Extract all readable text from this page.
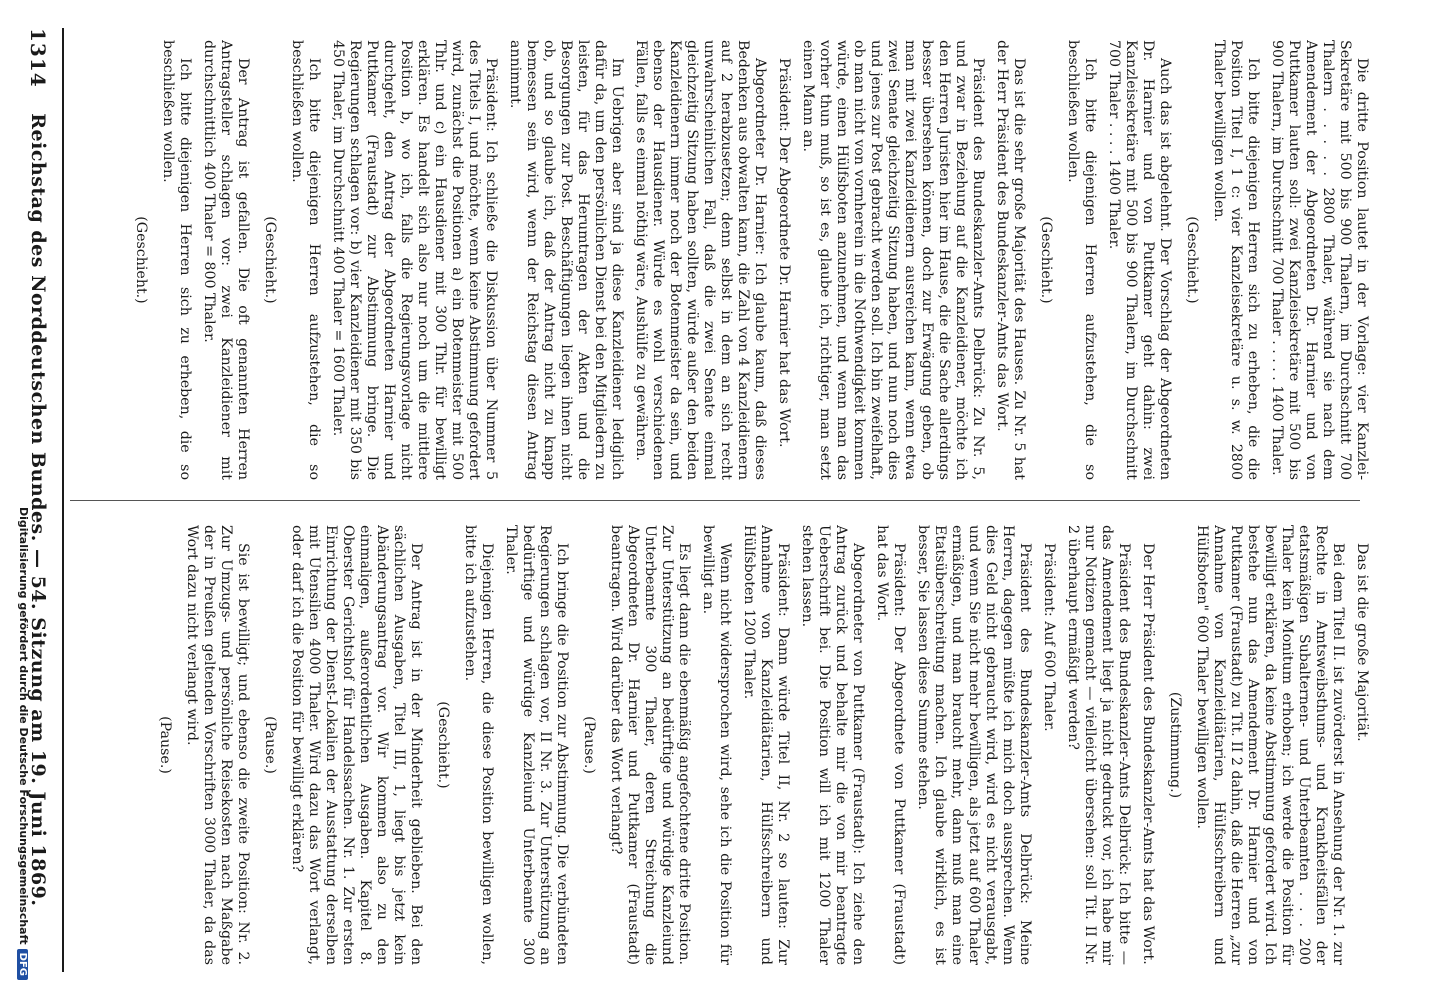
Die dritte Position lautet in der Vorlage: vier Kanzlei-Sekretäre mit 500 bis 900 Thalern, im Durchschnitt 700 Thalern . . . . . 2800 Thaler, während sie nach dem Amendement der Abgeordneten Dr. Harnier und von Puttkamer lauten soll: zwei Kanzleisekretäre mit 500 bis 900 Thalern, im Durchschnitt 700 Thaler . . . . . 1400 Thaler.

Ich bitte diejenigen Herren sich zu erheben, die die Position Titel I, 1 c: vier Kanzleisekretäre u. s. w. 2800 Thaler bewilligen wollen.

(Geschieht.)

Auch das ist abgelehnt. Der Vorschlag der Abgeordneten Dr. Harnier und von Puttkamer geht dahin: zwei Kanzleisekretäre mit 500 bis 900 Thalern, im Durchschnitt 700 Thaler . . . . 1400 Thaler.

Ich bitte diejenigen Herren aufzustehen, die so beschließen wollen.

(Geschieht.)

Das ist die sehr große Majorität des Hauses. Zu Nr. 5 hat der Herr Präsident des Bundeskanzler-Amts das Wort.

Präsident des Bundeskanzler-Amts Delbrück: Zu Nr. 5, und zwar in Beziehung auf die Kanzleidiener, möchte ich den Herren Juristen hier im Hause, die die Sache allerdings besser übersehen können, doch zur Erwägung geben, ob man mit zwei Kanzleidienern ausreichen kann, wenn etwa zwei Senate gleichzeitig Sitzung haben, und nun noch dies und jenes zur Post gebracht werden soll. Ich bin zweifelhaft, ob man nicht von vornherein in die Nothwendigkeit kommen würde, einen Hülfsboten anzunehmen, und wenn man das vorher thun muß, so ist es, glaube ich, richtiger, man setzt einen Mann an.

Präsident: Der Abgeordnete Dr. Harnier hat das Wort.

Abgeordneter Dr. Harnier: Ich glaube kaum, daß dieses Bedenken aus obwalten kann, die Zahl von 4 Kanzleidienern auf 2 herabzusetzen; denn selbst in dem an sich recht unwahrscheinlichen Fall, daß die zwei Senate einmal gleichzeitig Sitzung haben sollten, würde außer den beiden Kanzleidienern immer noch der Botenmeister da sein, und ebenso der Hausdiener. Würde es wohl verschiedenen Fällen, falls es einmal nöthig wäre, Aushülfe zu gewähren.

Im Uebrigen aber sind ja diese Kanzleidiener lediglich dafür da, um den persönlichen Dienst bei den Mitgliedern zu leisten, für das Herumtragen der Akten und die Besorgungen zur Post. Beschäftigungen liegen ihnen nicht ob, und so glaube ich, daß der Antrag nicht zu knapp bemessen sein wird, wenn der Reichstag diesen Antrag annimmt.

Präsident: Ich schließe die Diskussion über Nummer 5 des Titels I, und möchte, wenn keine Abstimmung gefordert wird, zunächst die Positionen a) ein Botenmeister mit 500 Thlr. und c) ein Hausdiener mit 300 Thlr. für bewilligt erklären. Es handelt sich also nur noch um die mittlere Position b, wo ich, falls die Regierungsvorlage nicht durchgeht, den Antrag der Abgeordneten Harnier und Puttkamer (Fraustadt) zur Abstimmung bringe. Die Regierungen schlagen vor: b) vier Kanzleidiener mit 350 bis 450 Thaler, im Durchschnitt 400 Thaler = 1600 Thaler.

Ich bitte diejenigen Herren aufzustehen, die so beschließen wollen.

(Geschieht.)

Der Antrag ist gefallen. Die oft genannten Herren Antragsteller schlagen vor: zwei Kanzleidiener mit durchschnittlich 400 Thaler = 800 Thaler.

Ich bitte diejenigen Herren sich zu erheben, die so beschließen wollen.

(Geschieht.)

Das ist die große Majorität.

Bei dem Titel II. ist zuvörderst in Ansehung der Nr. 1. zur Rechte in Amtsweibsthums- und Krankheitsfällen der etatsmäßigen Subalternen- und Unterbeamten . . . 200 Thaler kein Monitum erhoben; ich werde die Position für bewilligt erklären, da keine Abstimmung gefordert wird. Ich bestehe nun das Amendement Dr. Harnier und von Puttkamer (Fraustadt) zu Tit. II 2 dahin, daß die Herren „zur Annahme von Kanzleidiätarien, Hülfsschreibern und Hülfsboten" 600 Thaler bewilligen wollen.

(Zustimmung.)

Der Herr Präsident des Bundeskanzler-Amts hat das Wort.

Präsident des Bundeskanzler-Amts Delbrück: Ich bitte — das Amendement liegt ja nicht gedruckt vor, ich habe mir nur Notizen gemacht — vielleicht übersehen: soll Tit. II Nr. 2 überhaupt ermäßigt werden?

Präsident: Auf 600 Thaler.

Präsident des Bundeskanzler-Amts Delbrück: Meine Herren, dagegen müßte ich mich doch aussprechen. Wenn dies Geld nicht gebraucht wird, wird es nicht verausgabt, und wenn Sie nicht mehr bewilligen, als jetzt auf 600 Thaler ermäßigen, und man braucht mehr, dann muß man eine Etatsüberschreitung machen. Ich glaube wirklich, es ist besser, Sie lassen diese Summe stehen.

Präsident: Der Abgeordnete von Puttkamer (Fraustadt) hat das Wort.

Abgeordneter von Puttkamer (Fraustadt): Ich ziehe den Antrag zurück und behalte mir die von mir beantragte Ueberschrift bei. Die Position will ich mit 1200 Thaler stehen lassen.

Präsident: Dann würde Titel II, Nr. 2 so lauten: Zur Annahme von Kanzleidiätarien, Hülfsschreibern und Hülfsboten 1200 Thaler.

Wenn nicht widersprochen wird, sehe ich die Position für bewilligt an.

Es liegt dann die ebenmäßig angefochtene dritte Position. Zur Unterstützung an bedürftige und würdige Kanzleiund Unterbeamte 300 Thaler, deren Streichung die Abgeordneten Dr. Harnier und Puttkamer (Fraustadt) beantragen. Wird darüber das Wort verlangt?

(Pause.)

Ich bringe die Position zur Abstimmung. Die verbündeten Regierungen schlagen vor, II Nr. 3. Zur Unterstützung an bedürftige und würdige Kanzleiund Unterbeamte 300 Thaler.

Diejenigen Herren, die diese Position bewilligen wollen, bitte ich aufzustehen.

(Geschieht.)

Der Antrag ist in der Minderheit geblieben. Bei den sächlichen Ausgaben, Titel III, 1, liegt bis jetzt kein Abänderungsantrag vor. Wir kommen also zu den einmaligen, außerordentlichen Ausgaben. Kapitel 8. Oberster Gerichtshof für Handelssachen. Nr. 1. Zur ersten Einrichtung der Dienst-Lokalien der Ausstattung derselben mit Utensilien 4000 Thaler. Wird dazu das Wort verlangt, oder darf ich die Position für bewilligt erklären?

(Pause.)

Sie ist bewilligt; und ebenso die zweite Position: Nr. 2. Zur Umzugs- und persönliche Reisekosten nach Maßgabe der in Preußen geltenden Vorschriften 3000 Thaler, da das Wort dazu nicht verlangt wird.

(Pause.)

1314
Reichstag des Norddeutschen Bundes. — 54. Sitzung am 19. Juni 1869.
Digitalisierung gefördert durch die Deutsche ForschungsgemeinschaftDFG
